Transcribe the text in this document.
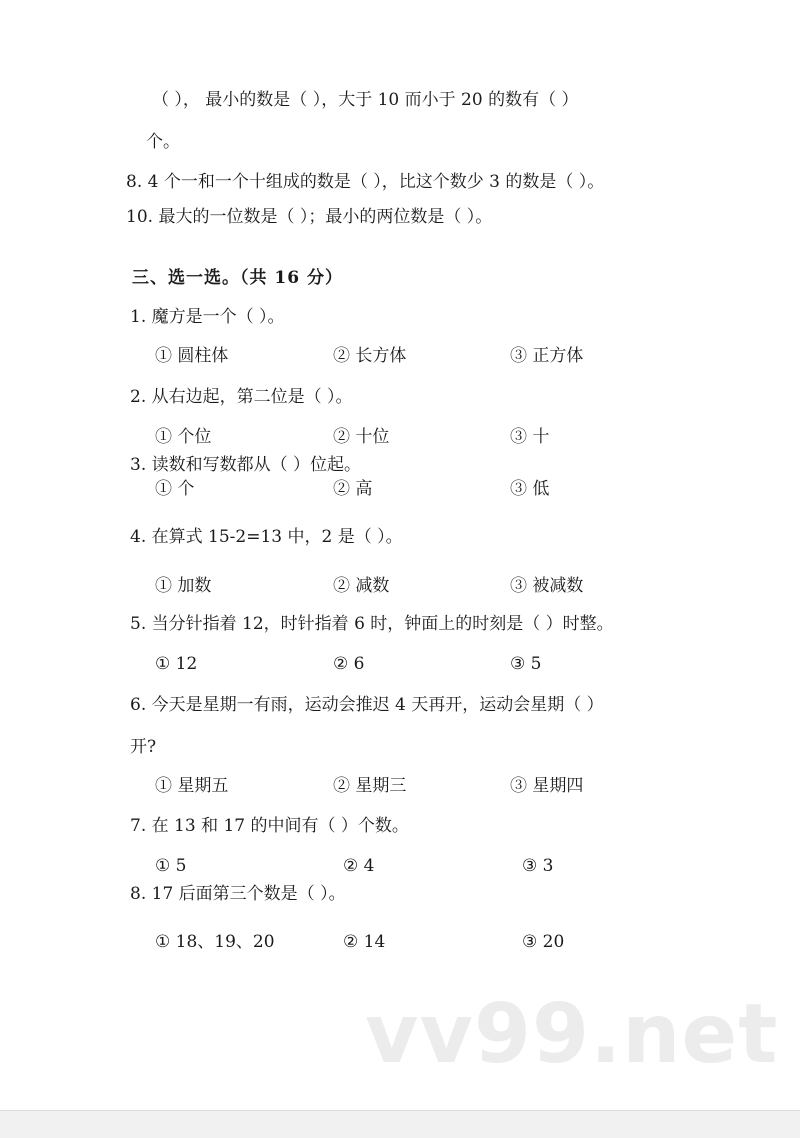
（ ）， 最小的数是（ ），大于 10 而小于 20 的数有（ ）
个。
8. 4 个一和一个十组成的数是（ ），比这个数少 3 的数是（ ）。
10. 最大的一位数是（ ）；最小的两位数是（ ）。
三、选一选。（共 16 分）
1. 魔方是一个（ ）。
① 圆柱体	② 长方体	③ 正方体
2. 从右边起，第二位是（ ）。
① 个位	② 十位	③ 十
3. 读数和写数都从（ ）位起。
① 个	② 高	③ 低
4. 在算式 15-2=13 中，2 是（ ）。
① 加数	② 减数	③ 被减数
5. 当分针指着 12，时针指着 6 时，钟面上的时刻是（ ）时整。
① 12	② 6	③ 5
6. 今天是星期一有雨，运动会推迟 4 天再开，运动会星期（ ）
开?
① 星期五	② 星期三	③ 星期四
7. 在 13 和 17 的中间有（ ）个数。
① 5	② 4	③ 3
8. 17 后面第三个数是（ ）。
① 18、19、20	② 14	③ 20
vv99.net
